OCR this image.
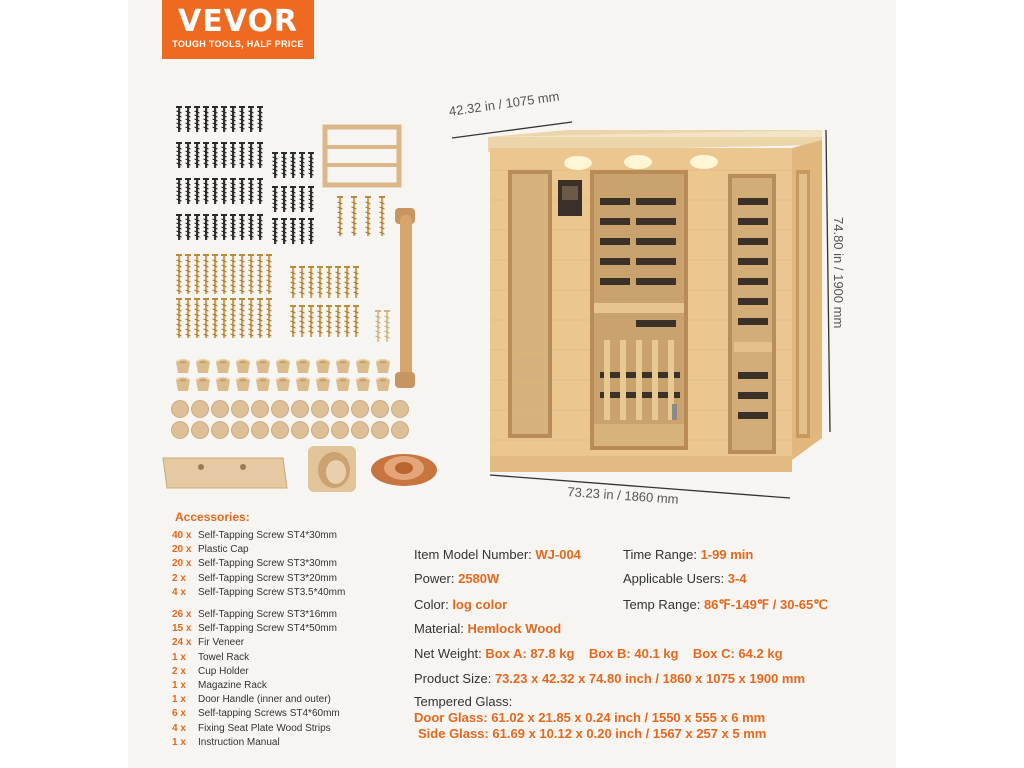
VEVOR
TOUGH TOOLS, HALF PRICE
42.32 in / 1075 mm
74.80 in / 1900 mm
73.23 in / 1860 mm
Accessories:
40 x Self-Tapping Screw ST4*30mm
20 x Plastic Cap
20 x Self-Tapping Screw ST3*30mm
2 x Self-Tapping Screw ST3*20mm
4 x Self-Tapping Screw ST3.5*40mm
26 x Self-Tapping Screw ST3*16mm
15 x Self-Tapping Screw ST4*50mm
24 x Fir Veneer
1 x Towel Rack
2 x Cup Holder
1 x Magazine Rack
1 x Door Handle (inner and outer)
6 x Self-tapping Screws ST4*60mm
4 x Fixing Seat Plate Wood Strips
1 x Instruction Manual
Item Model Number: WJ-004
Power: 2580W
Color: log color
Material: Hemlock Wood
Time Range: 1-99 min
Applicable Users: 3-4
Temp Range: 86℉-149℉ / 30-65℃
Net Weight: Box A: 87.8 kg Box B: 40.1 kg Box C: 64.2 kg
Product Size: 73.23 x 42.32 x 74.80 inch / 1860 x 1075 x 1900 mm
Tempered Glass:
Door Glass: 61.02 x 21.85 x 0.24 inch / 1550 x 555 x 6 mm
Side Glass: 61.69 x 10.12 x 0.20 inch / 1567 x 257 x 5 mm
